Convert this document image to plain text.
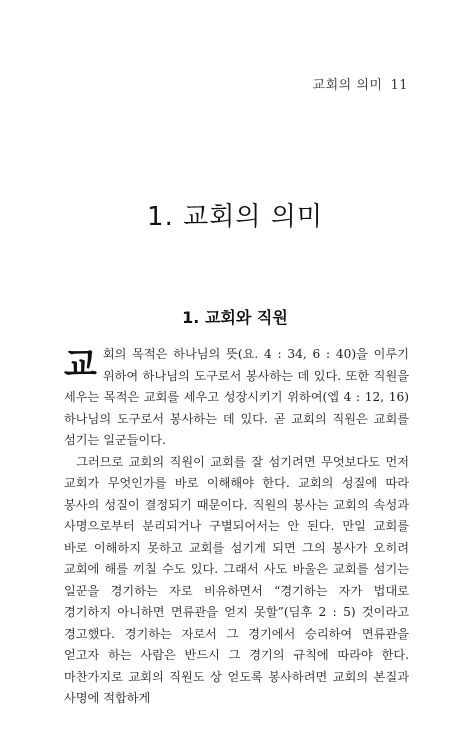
교회의 의미 11
1. 교회의 의미
1. 교회와 직원

교회의 목적은 하나님의 뜻(요. 4 : 34, 6 : 40)을 이루기 위하여 하나님의 도구로서 봉사하는 데 있다. 또한 직원을 세우는 목적은 교회를 세우고 성장시키기 위하여(엡 4 : 12, 16) 하나님의 도구로서 봉사하는 데 있다. 곧 교회의 직원은 교회를 섬기는 일군들이다.

그러므로 교회의 직원이 교회를 잘 섬기려면 무엇보다도 먼저 교회가 무엇인가를 바로 이해해야 한다. 교회의 성질에 따라 봉사의 성질이 결정되기 때문이다. 직원의 봉사는 교회의 속성과 사명으로부터 분리되거나 구별되어서는 안 된다. 만일 교회를 바로 이해하지 못하고 교회를 섬기게 되면 그의 봉사가 오히려 교회에 해를 끼칠 수도 있다. 그래서 사도 바울은 교회를 섬기는 일꾼을 경기하는 자로 비유하면서 “경기하는 자가 법대로 경기하지 아니하면 면류관을 얻지 못할”(딤후 2 : 5) 것이라고 경고했다. 경기하는 자로서 그 경기에서 승리하여 면류관을 얻고자 하는 사람은 반드시 그 경기의 규칙에 따라야 한다. 마찬가지로 교회의 직원도 상 얻도록 봉사하려면 교회의 본질과 사명에 적합하게
